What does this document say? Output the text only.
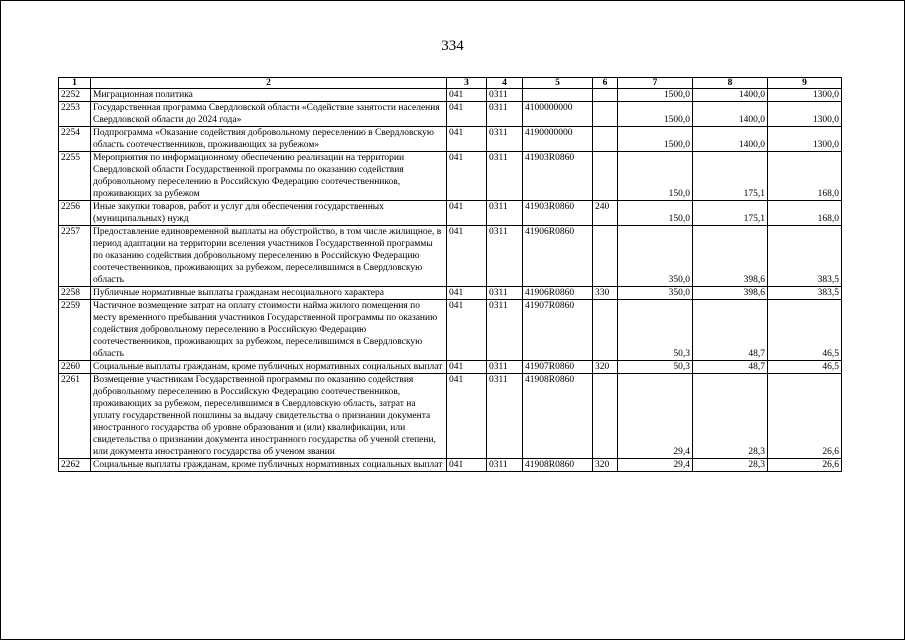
334
1	2	3	4	5	6	7	8	9
2252	Миграционная политика	041	0311			1500,0	1400,0	1300,0
2253	Государственная программа Свердловской области «Содействие занятости населения Свердловской области до 2024 года»	041	0311	4100000000		1500,0	1400,0	1300,0
2254	Подпрограмма «Оказание содействия добровольному переселению в Свердловскую область соотечественников, проживающих за рубежом»	041	0311	4190000000		1500,0	1400,0	1300,0
2255	Мероприятия по информационному обеспечению реализации на территории Свердловской области Государственной программы по оказанию содействия добровольному переселению в Российскую Федерацию соотечественников, проживающих за рубежом	041	0311	41903R0860		150,0	175,1	168,0
2256	Иные закупки товаров, работ и услуг для обеспечения государственных (муниципальных) нужд	041	0311	41903R0860	240	150,0	175,1	168,0
2257	Предоставление единовременной выплаты на обустройство, в том числе жилищное, в период адаптации на территории вселения участников Государственной программы по оказанию содействия добровольному переселению в Российскую Федерацию соотечественников, проживающих за рубежом, переселившимся в Свердловскую область	041	0311	41906R0860		350,0	398,6	383,5
2258	Публичные нормативные выплаты гражданам несоциального характера	041	0311	41906R0860	330	350,0	398,6	383,5
2259	Частичное возмещение затрат на оплату стоимости найма жилого помещения по месту временного пребывания участников Государственной программы по оказанию содействия добровольному переселению в Российскую Федерацию соотечественников, проживающих за рубежом, переселившимся в Свердловскую область	041	0311	41907R0860		50,3	48,7	46,5
2260	Социальные выплаты гражданам, кроме публичных нормативных социальных выплат	041	0311	41907R0860	320	50,3	48,7	46,5
2261	Возмещение участникам Государственной программы по оказанию содействия добровольному переселению в Российскую Федерацию соотечественников, проживающих за рубежом, переселившимся в Свердловскую область, затрат на уплату государственной пошлины за выдачу свидетельства о признании документа иностранного государства об уровне образования и (или) квалификации, или свидетельства о признании документа иностранного государства об ученой степени, или документа иностранного государства об ученом звании	041	0311	41908R0860		29,4	28,3	26,6
2262	Социальные выплаты гражданам, кроме публичных нормативных социальных выплат	041	0311	41908R0860	320	29,4	28,3	26,6
